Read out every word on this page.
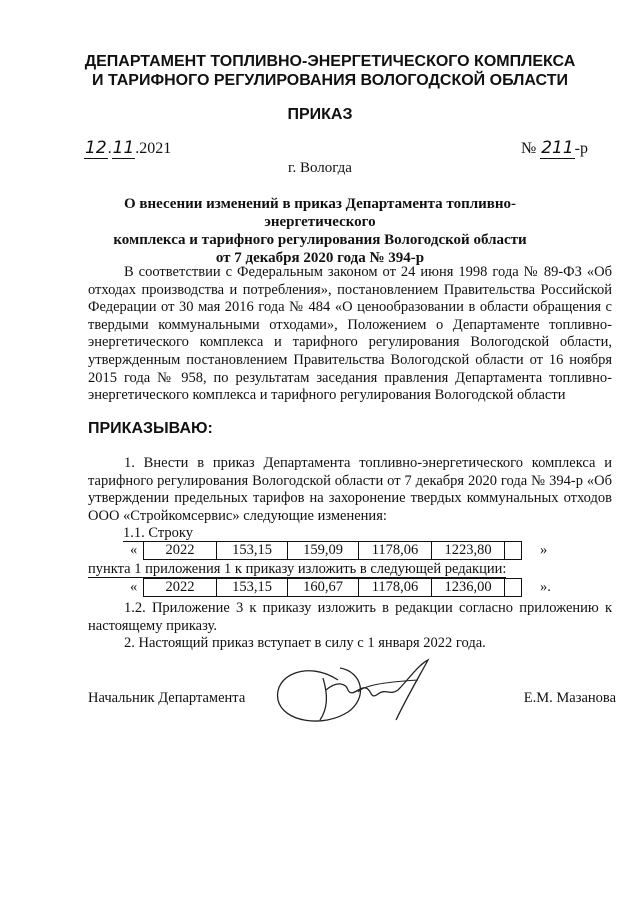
ДЕПАРТАМЕНТ ТОПЛИВНО-ЭНЕРГЕТИЧЕСКОГО КОМПЛЕКСА
И ТАРИФНОГО РЕГУЛИРОВАНИЯ ВОЛОГОДСКОЙ ОБЛАСТИ
ПРИКАЗ
12.11.2021	№ 211-р
г. Вологда
О внесении изменений в приказ Департамента топливно-энергетического
комплекса и тарифного регулирования Вологодской области
от 7 декабря 2020 года № 394-р
В соответствии с Федеральным законом от 24 июня 1998 года № 89-ФЗ «Об отходах производства и потребления», постановлением Правительства Российской Федерации от 30 мая 2016 года № 484 «О ценообразовании в области обращения с твердыми коммунальными отходами», Положением о Департаменте топливно-энергетического комплекса и тарифного регулирования Вологодской области, утвержденным постановлением Правительства Вологодской области от 16 ноября 2015 года № 958, по результатам заседания правления Департамента топливно-энергетического комплекса и тарифного регулирования Вологодской области
ПРИКАЗЫВАЮ:
1. Внести в приказ Департамента топливно-энергетического комплекса и тарифного регулирования Вологодской области от 7 декабря 2020 года № 394-р «Об утверждении предельных тарифов на захоронение твердых коммунальных отходов ООО «Стройкомсервис» следующие изменения:
1.1. Строку
« 2022	153,15	159,09	1178,06	1223,80		»
пункта 1 приложения 1 к приказу изложить в следующей редакции:
« 2022	153,15	160,67	1178,06	1236,00		».
1.2. Приложение 3 к приказу изложить в редакции согласно приложению к настоящему приказу.
2. Настоящий приказ вступает в силу с 1 января 2022 года.
Начальник Департамента	Е.М. Мазанова
